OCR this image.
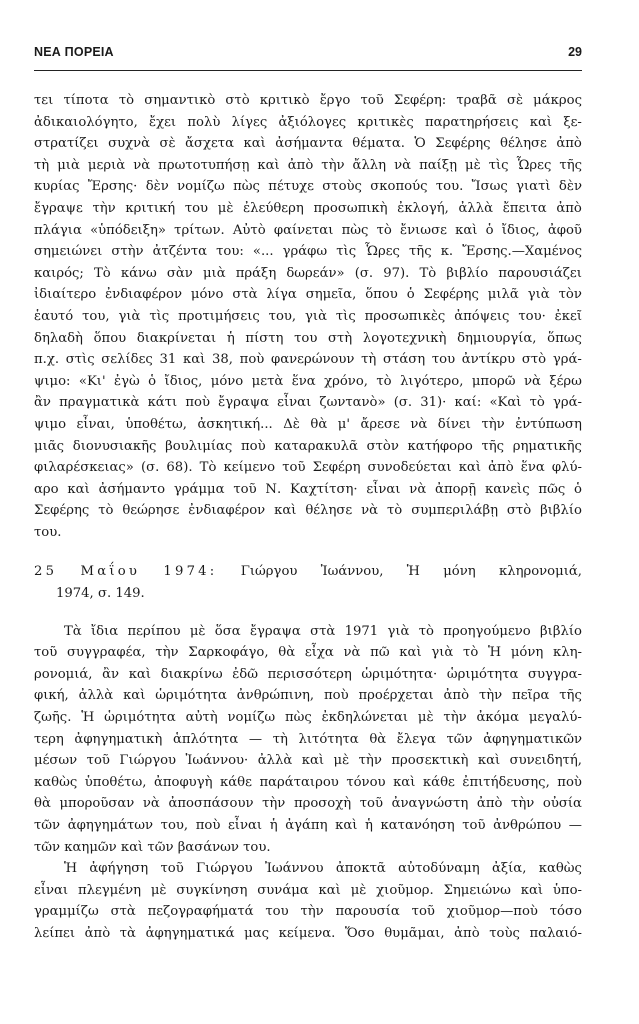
ΝΕΑ ΠΟΡΕΙΑ	29
τει τίποτα τὸ σημαντικὸ στὸ κριτικὸ ἔργο τοῦ Σεφέρη: τραβᾶ σὲ μάκρος
ἀδικαιολόγητο, ἔχει πολὺ λίγες ἀξιόλογες κριτικὲς παρατηρήσεις καὶ ξε-
στρατίζει συχνὰ σὲ ἄσχετα καὶ ἀσήμαντα θέματα. Ὁ Σεφέρης θέλησε ἀπὸ
τὴ μιὰ μεριὰ νὰ πρωτοτυπήσῃ καὶ ἀπὸ τὴν ἄλλη νὰ παίξῃ μὲ τὶς Ὧρες τῆς
κυρίας Ἔρσης· δὲν νομίζω πὼς πέτυχε στοὺς σκοπούς του. Ἴσως γιατὶ δὲν
ἔγραψε τὴν κριτική του μὲ ἐλεύθερη προσωπικὴ ἐκλογή, ἀλλὰ ἔπειτα ἀπὸ
πλάγια «ὑπόδειξη» τρίτων. Αὐτὸ φαίνεται πὼς τὸ ἔνιωσε καὶ ὁ ἴδιος, ἀφοῦ
σημειώνει στὴν ἀτζέντα του: «... γράφω τὶς Ὧρες τῆς κ. Ἔρσης.—Χαμένος
καιρός; Τὸ κάνω σὰν μιὰ πράξη δωρεάν» (σ. 97). Τὸ βιβλίο παρουσιάζει
ἰδιαίτερο ἐνδιαφέρον μόνο στὰ λίγα σημεῖα, ὅπου ὁ Σεφέρης μιλᾶ γιὰ τὸν
ἑαυτό του, γιὰ τὶς προτιμήσεις του, γιὰ τὶς προσωπικὲς ἀπόψεις του· ἐκεῖ
δηλαδὴ ὅπου διακρίνεται ἡ πίστη του στὴ λογοτεχνικὴ δημιουργία, ὅπως
π.χ. στὶς σελίδες 31 καὶ 38, ποὺ φανερώνουν τὴ στάση του ἀντίκρυ στὸ γρά-
ψιμο: «Κι' ἐγὼ ὁ ἴδιος, μόνο μετὰ ἕνα χρόνο, τὸ λιγότερο, μπορῶ νὰ ξέρω
ἂν πραγματικὰ κάτι ποὺ ἔγραψα εἶναι ζωντανὸ» (σ. 31)· καί: «Καὶ τὸ γρά-
ψιμο εἶναι, ὑποθέτω, ἀσκητική... Δὲ θὰ μ' ἄρεσε νὰ δίνει τὴν ἐντύπωση
μιᾶς διονυσιακῆς βουλιμίας ποὺ καταρακυλᾶ στὸν κατήφορο τῆς ρηματικῆς
φιλαρέσκειας» (σ. 68). Τὸ κείμενο τοῦ Σεφέρη συνοδεύεται καὶ ἀπὸ ἕνα φλύ-
αρο καὶ ἀσήμαντο γράμμα τοῦ Ν. Καχτίτση· εἶναι νὰ ἀπορῇ κανεὶς πῶς ὁ
Σεφέρης τὸ θεώρησε ἐνδιαφέρον καὶ θέλησε νὰ τὸ συμπεριλάβῃ στὸ βιβλίο
του.
25 Μαΐου 1974: Γιώργου Ἰωάννου, Ἡ μόνη κληρονομιά,
1974,
σ.
149.
Τὰ ἴδια περίπου μὲ ὅσα ἔγραψα στὰ 1971 γιὰ τὸ προηγούμενο βιβλίο
τοῦ συγγραφέα, τὴν Σαρκοφάγο, θὰ εἶχα νὰ πῶ καὶ γιὰ τὸ Ἡ μόνη κλη-
ρονομιά, ἂν καὶ διακρίνω ἐδῶ περισσότερη ὡριμότητα· ὡριμότητα συγγρα-
φική, ἀλλὰ καὶ ὡριμότητα ἀνθρώπινη, ποὺ προέρχεται ἀπὸ τὴν πεῖρα τῆς
ζωῆς. Ἡ ὡριμότητα αὐτὴ νομίζω πὼς ἐκδηλώνεται μὲ τὴν ἀκόμα μεγαλύ-
τερη ἀφηγηματικὴ ἁπλότητα — τὴ λιτότητα θὰ ἔλεγα τῶν ἀφηγηματικῶν
μέσων τοῦ Γιώργου Ἰωάννου· ἀλλὰ καὶ μὲ τὴν προσεκτικὴ καὶ συνειδητή,
καθὼς ὑποθέτω, ἀποφυγὴ κάθε παράταιρου τόνου καὶ κάθε ἐπιτήδευσης, ποὺ
θὰ μποροῦσαν νὰ ἀποσπάσουν τὴν προσοχὴ τοῦ ἀναγνώστη ἀπὸ τὴν οὐσία
τῶν ἀφηγημάτων του, ποὺ εἶναι ἡ ἀγάπη καὶ ἡ κατανόηση τοῦ ἀνθρώπου —
τῶν
καημῶν
καὶ
τῶν
βασάνων
του.
Ἡ ἀφήγηση τοῦ Γιώργου Ἰωάννου ἀποκτᾶ αὐτοδύναμη ἀξία, καθὼς
εἶναι πλεγμένη μὲ συγκίνηση συνάμα καὶ μὲ χιοῦμορ. Σημειώνω καὶ ὑπο-
γραμμίζω στὰ πεζογραφήματά του τὴν παρουσία τοῦ χιοῦμορ—ποὺ τόσο
λείπει ἀπὸ τὰ ἀφηγηματικά μας κείμενα. Ὅσο θυμᾶμαι, ἀπὸ τοὺς παλαιό-
